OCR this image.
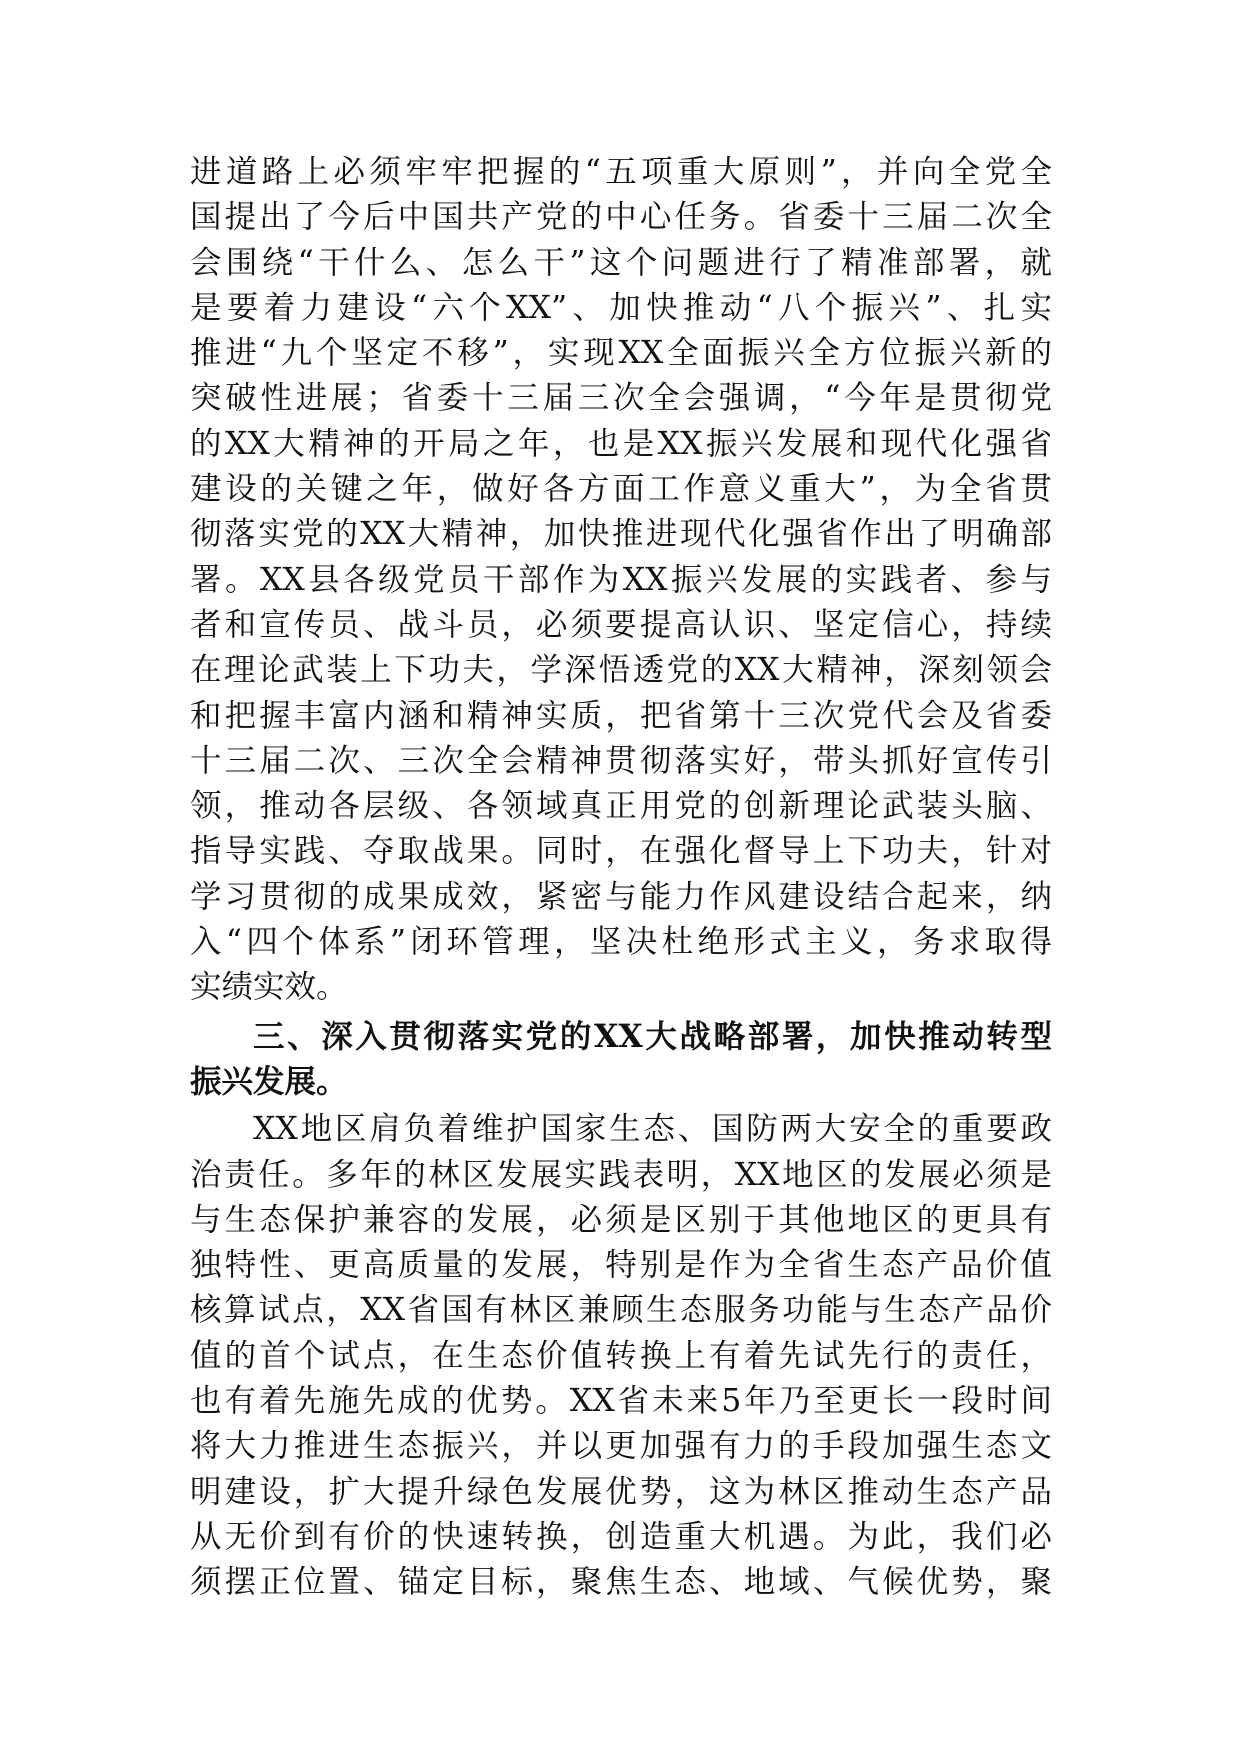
进道路上必须牢牢把握的“五项重大原则”，并向全党全
国提出了今后中国共产党的中心任务。省委十三届二次全
会围绕“干什么、怎么干”这个问题进行了精准部署，就
是要着力建设“六个XX”、加快推动“八个振兴”、扎实
推进“九个坚定不移”，实现XX全面振兴全方位振兴新的
突破性进展；省委十三届三次全会强调，“今年是贯彻党
的XX大精神的开局之年，也是XX振兴发展和现代化强省
建设的关键之年，做好各方面工作意义重大”，为全省贯
彻落实党的XX大精神，加快推进现代化强省作出了明确部
署。XX县各级党员干部作为XX振兴发展的实践者、参与
者和宣传员、战斗员，必须要提高认识、坚定信心，持续
在理论武装上下功夫，学深悟透党的XX大精神，深刻领会
和把握丰富内涵和精神实质，把省第十三次党代会及省委
十三届二次、三次全会精神贯彻落实好，带头抓好宣传引
领，推动各层级、各领域真正用党的创新理论武装头脑、
指导实践、夺取战果。同时，在强化督导上下功夫，针对
学习贯彻的成果成效，紧密与能力作风建设结合起来，纳
入“四个体系”闭环管理，坚决杜绝形式主义，务求取得
实绩实效。
三、深入贯彻落实党的XX大战略部署，加快推动转型
振兴发展。
XX地区肩负着维护国家生态、国防两大安全的重要政
治责任。多年的林区发展实践表明，XX地区的发展必须是
与生态保护兼容的发展，必须是区别于其他地区的更具有
独特性、更高质量的发展，特别是作为全省生态产品价值
核算试点，XX省国有林区兼顾生态服务功能与生态产品价
值的首个试点，在生态价值转换上有着先试先行的责任，
也有着先施先成的优势。XX省未来5年乃至更长一段时间
将大力推进生态振兴，并以更加强有力的手段加强生态文
明建设，扩大提升绿色发展优势，这为林区推动生态产品
从无价到有价的快速转换，创造重大机遇。为此，我们必
须摆正位置、锚定目标，聚焦生态、地域、气候优势，聚
